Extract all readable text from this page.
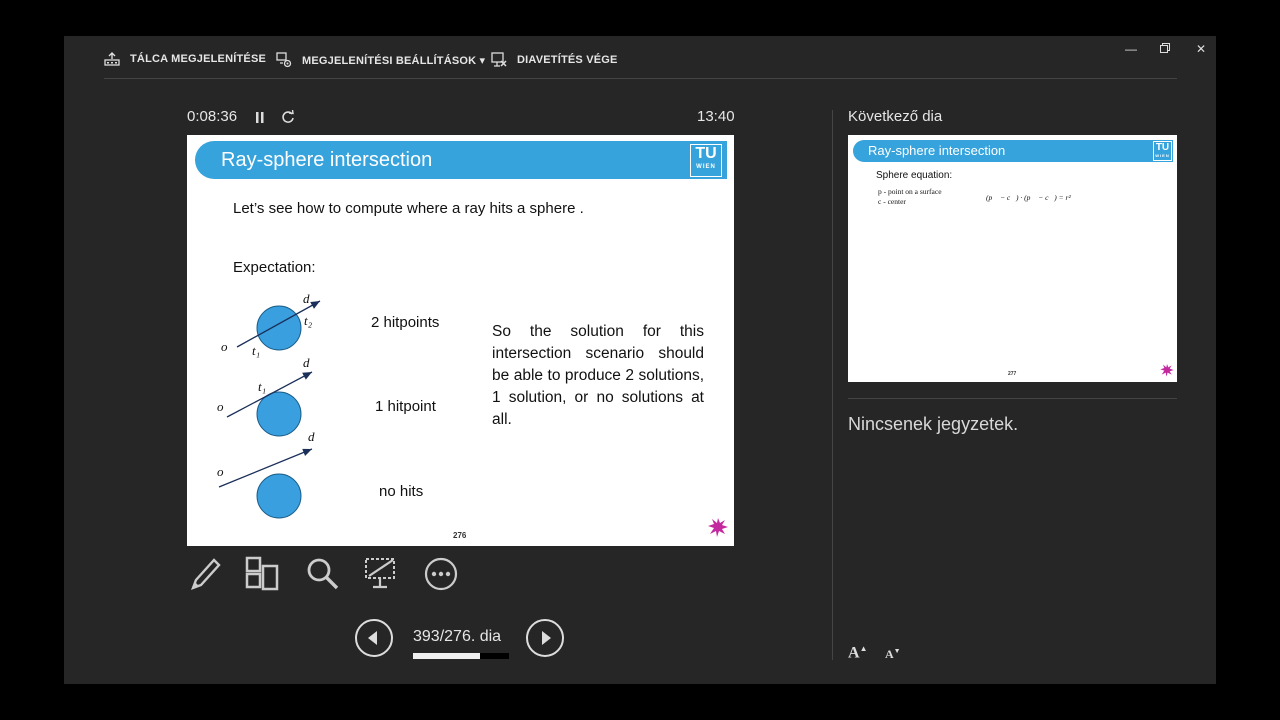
TÁLCA MEGJELENÍTÉSE	MEGJELENÍTÉSI BEÁLLÍTÁSOK ▾	DIAVETÍTÉS VÉGE
—	✕
0:08:36	13:40
Ray-sphere intersection	TU
WIEN
Let’s see how to compute where a ray hits a sphere .
Expectation:
d⃗
t₂
o⃗ t₁
d⃗
t₁
o⃗
d⃗
o⃗
2 hitpoints
1 hitpoint
no hits
So the solution for this intersection scenario should be able to produce 2 solutions, 1 solution, or no solutions at all.
276
393/276. dia
Következő dia
Ray-sphere intersection	TU
WIEN
Sphere equation:
p - point on a surface
c - center	(p⃗ − c⃗) · (p⃗ − c⃗) = r²
277
Nincsenek jegyzetek.
A▲ A▼
